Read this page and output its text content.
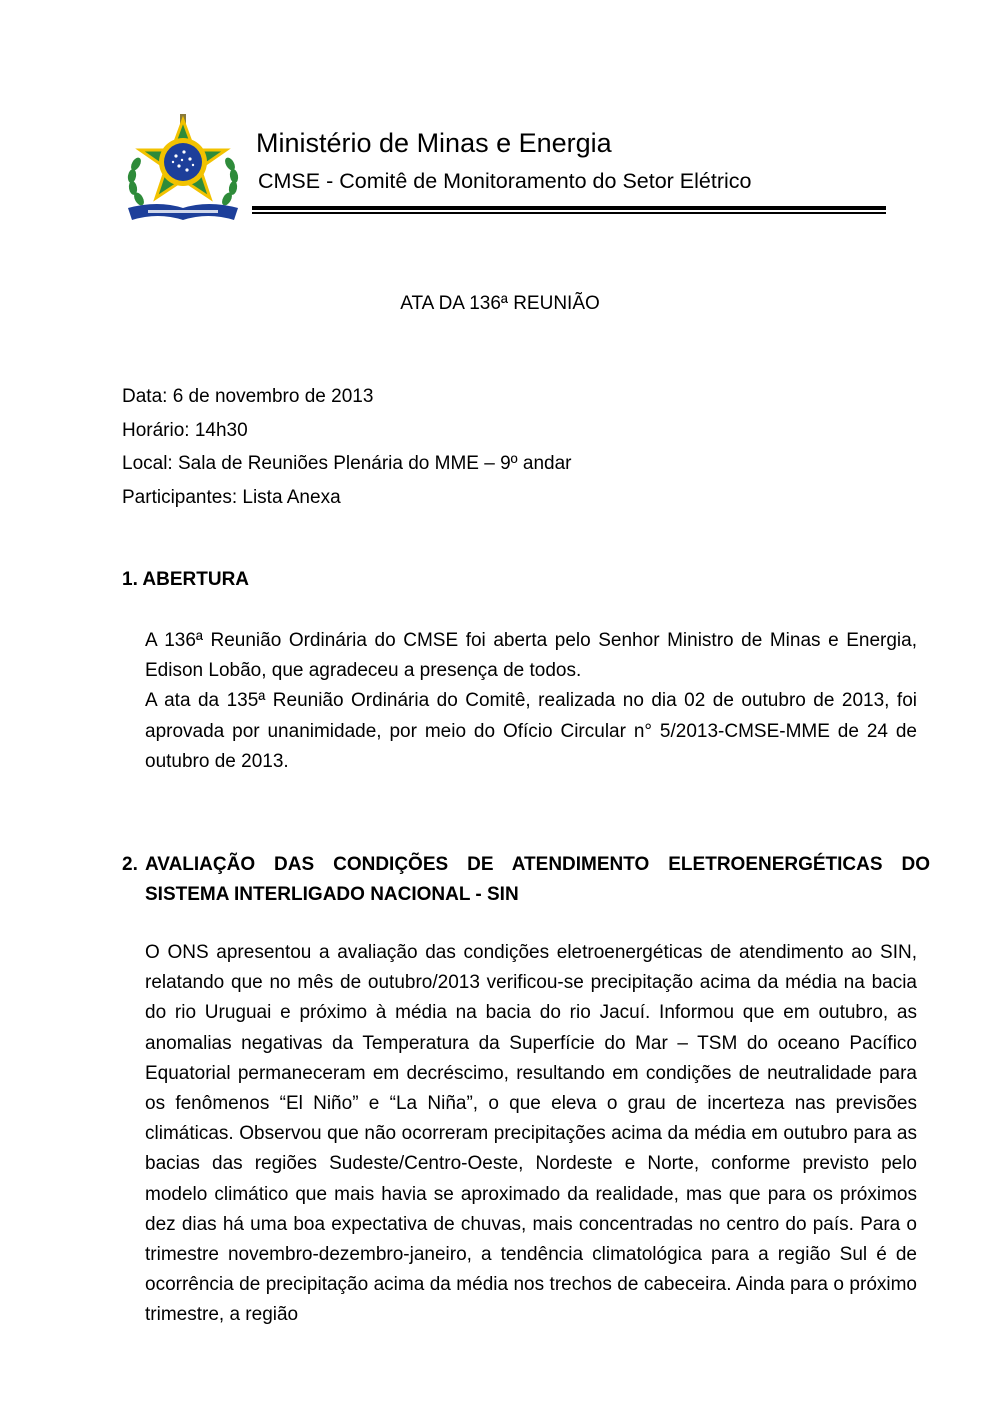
Ministério de Minas e Energia
CMSE - Comitê de Monitoramento do Setor Elétrico
ATA DA 136ª REUNIÃO
Data: 6 de novembro de 2013
Horário: 14h30
Local: Sala de Reuniões Plenária do MME – 9º andar
Participantes: Lista Anexa
1. ABERTURA

A 136ª Reunião Ordinária do CMSE foi aberta pelo Senhor Ministro de Minas e Energia, Edison Lobão, que agradeceu a presença de todos.

A ata da 135ª Reunião Ordinária do Comitê, realizada no dia 02 de outubro de 2013, foi aprovada por unanimidade, por meio do Ofício Circular n° 5/2013-CMSE-MME de 24 de outubro de 2013.

2. AVALIAÇÃO DAS CONDIÇÕES DE ATENDIMENTO ELETROENERGÉTICAS DO SISTEMA INTERLIGADO NACIONAL - SIN

O ONS apresentou a avaliação das condições eletroenergéticas de atendimento ao SIN, relatando que no mês de outubro/2013 verificou-se precipitação acima da média na bacia do rio Uruguai e próximo à média na bacia do rio Jacuí. Informou que em outubro, as anomalias negativas da Temperatura da Superfície do Mar – TSM do oceano Pacífico Equatorial permaneceram em decréscimo, resultando em condições de neutralidade para os fenômenos “El Niño” e “La Niña”, o que eleva o grau de incerteza nas previsões climáticas. Observou que não ocorreram precipitações acima da média em outubro para as bacias das regiões Sudeste/Centro-Oeste, Nordeste e Norte, conforme previsto pelo modelo climático que mais havia se aproximado da realidade, mas que para os próximos dez dias há uma boa expectativa de chuvas, mais concentradas no centro do país. Para o trimestre novembro-dezembro-janeiro, a tendência climatológica para a região Sul é de ocorrência de precipitação acima da média nos trechos de cabeceira. Ainda para o próximo trimestre, a região
